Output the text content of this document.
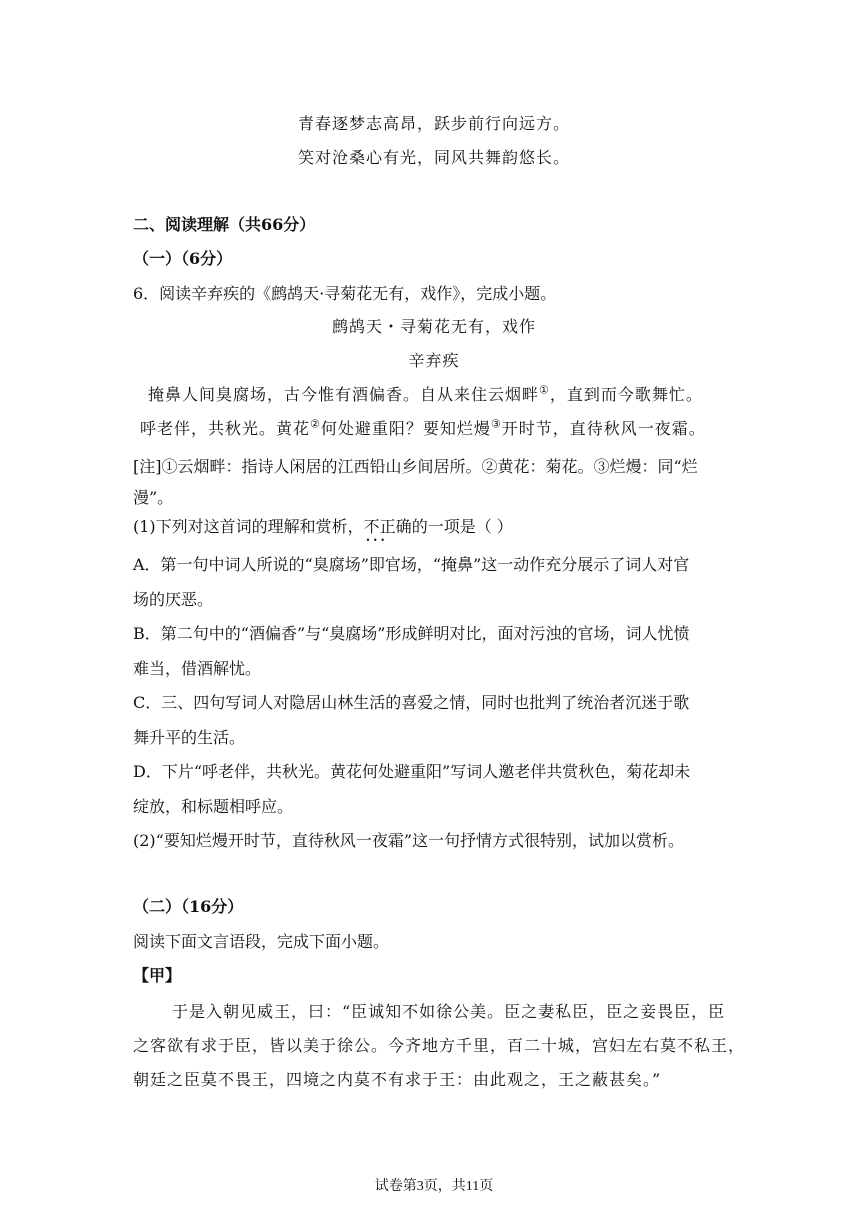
青春逐梦志高昂，跃步前行向远方。
笑对沧桑心有光，同风共舞韵悠长。
二、阅读理解（共66分）
（一）（6分）
6．阅读辛弃疾的《鹧鸪天·寻菊花无有，戏作》，完成小题。
鹧鸪天・寻菊花无有，戏作
辛弃疾
掩鼻人间臭腐场，古今惟有酒偏香。自从来住云烟畔①，直到而今歌舞忙。
呼老伴，共秋光。黄花②何处避重阳？要知烂熳③开时节，直待秋风一夜霜。
[注]①云烟畔：指诗人闲居的江西铅山乡间居所。②黄花：菊花。③烂熳：同“烂
漫”。
(1)下列对这首词的理解和赏析，不正确 • • •的一项是（ ）
A．第一句中词人所说的“臭腐场”即官场，“掩鼻”这一动作充分展示了词人对官
场的厌恶。
B．第二句中的“酒偏香”与“臭腐场”形成鲜明对比，面对污浊的官场，词人忧愤
难当，借酒解忧。
C．三、四句写词人对隐居山林生活的喜爱之情，同时也批判了统治者沉迷于歌
舞升平的生活。
D．下片“呼老伴，共秋光。黄花何处避重阳”写词人邀老伴共赏秋色，菊花却未
绽放，和标题相呼应。
(2)“要知烂熳开时节，直待秋风一夜霜”这一句抒情方式很特别，试加以赏析。
（二）（16分）
阅读下面文言语段，完成下面小题。
【甲】
于是入朝见威王，曰：“臣诚知不如徐公美。臣之妻私臣，臣之妾畏臣，臣
之客欲有求于臣，皆以美于徐公。今齐地方千里，百二十城，宫妇左右莫不私王，
朝廷之臣莫不畏王，四境之内莫不有求于王：由此观之，王之蔽甚矣。”
试卷第3页，共11页
